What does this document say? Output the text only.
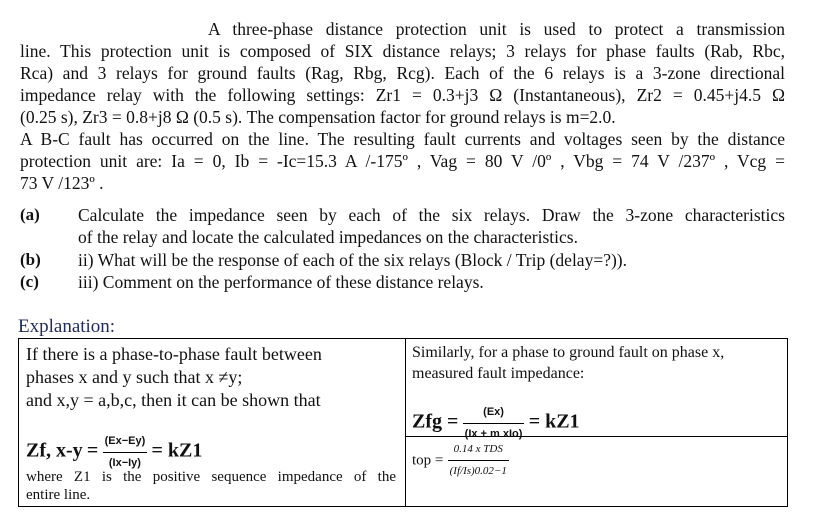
A three-phase distance protection unit is used to protect a transmission
line. This protection unit is composed of SIX distance relays; 3 relays for phase faults (Rab, Rbc,
Rca) and 3 relays for ground faults (Rag, Rbg, Rcg). Each of the 6 relays is a 3-zone directional
impedance relay with the following settings: Zr1 = 0.3+j3 Ω (Instantaneous), Zr2 = 0.45+j4.5 Ω
(0.25 s), Zr3 = 0.8+j8 Ω (0.5 s). The compensation factor for ground relays is m=2.0.
A B-C fault has occurred on the line. The resulting fault currents and voltages seen by the distance
protection unit are: Ia = 0, Ib = -Ic=15.3 A /-175º , Vag = 80 V /0º , Vbg = 74 V /237º , Vcg =
73 V /123º .
(a) Calculate the impedance seen by each of the six relays. Draw the 3-zone characteristics
of the relay and locate the calculated impedances on the characteristics.
(b) ii) What will be the response of each of the six relays (Block / Trip (delay=?)).
(c) iii) Comment on the performance of these distance relays.
Explanation:
If there is a phase-to-phase fault between
phases x and y such that x ≠y;
and x,y = a,b,c, then it can be shown that
Zf, $x-y = \frac{(Ex-Ey)}{(Ix-Iy)} = kZ1$
where Z1 is the positive sequence impedance of the
entire line.
Similarly, for a phase to ground fault on phase x,
measured fault impedance:
Zfg = $\frac{(Ex)}{\text{(Ix + m xIo)}} = kZ1$
top = $\frac{\text{0.14 x TDS}}{(If/Is)0.02-1}$
